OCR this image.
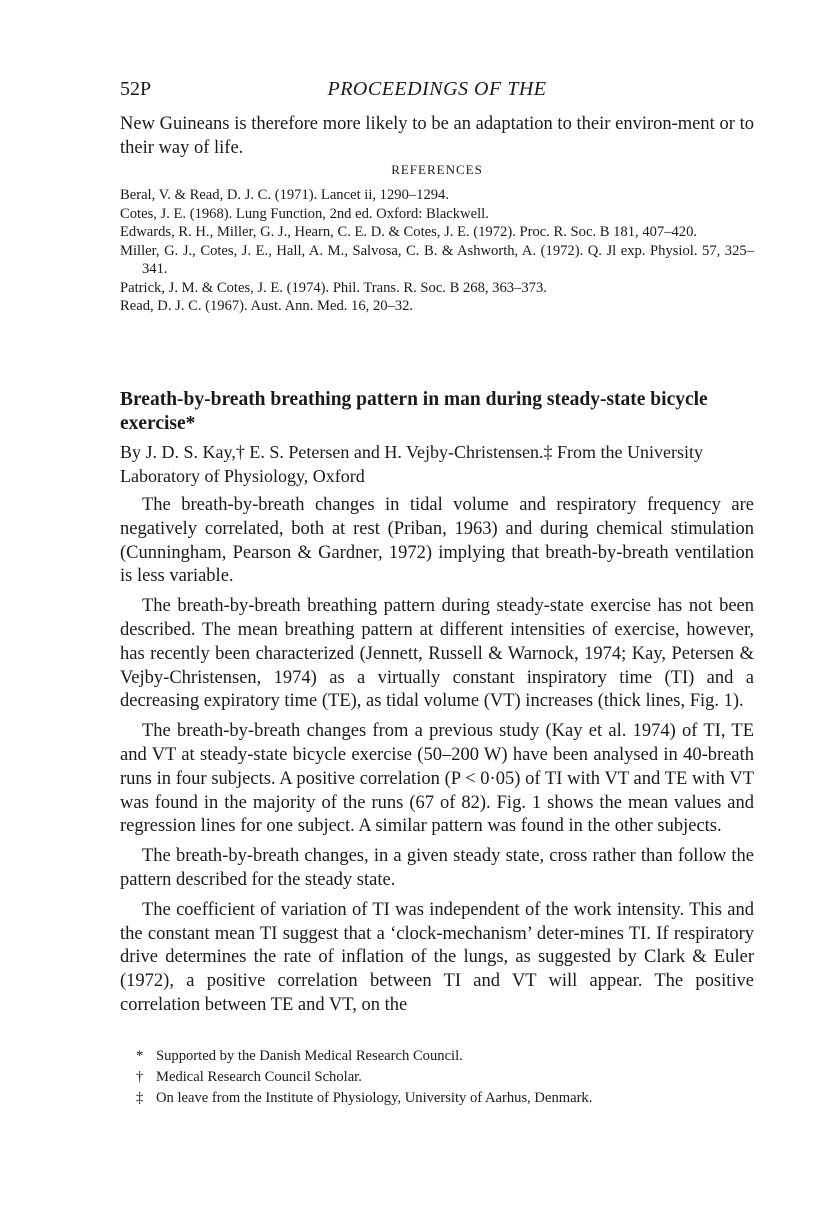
52P	PROCEEDINGS OF THE
New Guineans is therefore more likely to be an adaptation to their environ-ment or to their way of life.
REFERENCES
Beral, V. & Read, D. J. C. (1971). Lancet ii, 1290–1294.
Cotes, J. E. (1968). Lung Function, 2nd ed. Oxford: Blackwell.
Edwards, R. H., Miller, G. J., Hearn, C. E. D. & Cotes, J. E. (1972). Proc. R. Soc. B 181, 407–420.
Miller, G. J., Cotes, J. E., Hall, A. M., Salvosa, C. B. & Ashworth, A. (1972). Q. Jl exp. Physiol. 57, 325–341.
Patrick, J. M. & Cotes, J. E. (1974). Phil. Trans. R. Soc. B 268, 363–373.
Read, D. J. C. (1967). Aust. Ann. Med. 16, 20–32.
Breath-by-breath breathing pattern in man during steady-state bicycle exercise*
By J. D. S. Kay,† E. S. Petersen and H. Vejby-Christensen.‡ From the University Laboratory of Physiology, Oxford

The breath-by-breath changes in tidal volume and respiratory frequency are negatively correlated, both at rest (Priban, 1963) and during chemical stimulation (Cunningham, Pearson & Gardner, 1972) implying that breath-by-breath ventilation is less variable.

The breath-by-breath breathing pattern during steady-state exercise has not been described. The mean breathing pattern at different intensities of exercise, however, has recently been characterized (Jennett, Russell & Warnock, 1974; Kay, Petersen & Vejby-Christensen, 1974) as a virtually constant inspiratory time (TI) and a decreasing expiratory time (TE), as tidal volume (VT) increases (thick lines, Fig. 1).

The breath-by-breath changes from a previous study (Kay et al. 1974) of TI, TE and VT at steady-state bicycle exercise (50–200 W) have been analysed in 40-breath runs in four subjects. A positive correlation (P < 0·05) of TI with VT and TE with VT was found in the majority of the runs (67 of 82). Fig. 1 shows the mean values and regression lines for one subject. A similar pattern was found in the other subjects.

The breath-by-breath changes, in a given steady state, cross rather than follow the pattern described for the steady state.

The coefficient of variation of TI was independent of the work intensity. This and the constant mean TI suggest that a ‘clock-mechanism’ deter-mines TI. If respiratory drive determines the rate of inflation of the lungs, as suggested by Clark & Euler (1972), a positive correlation between TI and VT will appear. The positive correlation between TE and VT, on the

* Supported by the Danish Medical Research Council.
† Medical Research Council Scholar.
‡ On leave from the Institute of Physiology, University of Aarhus, Denmark.
